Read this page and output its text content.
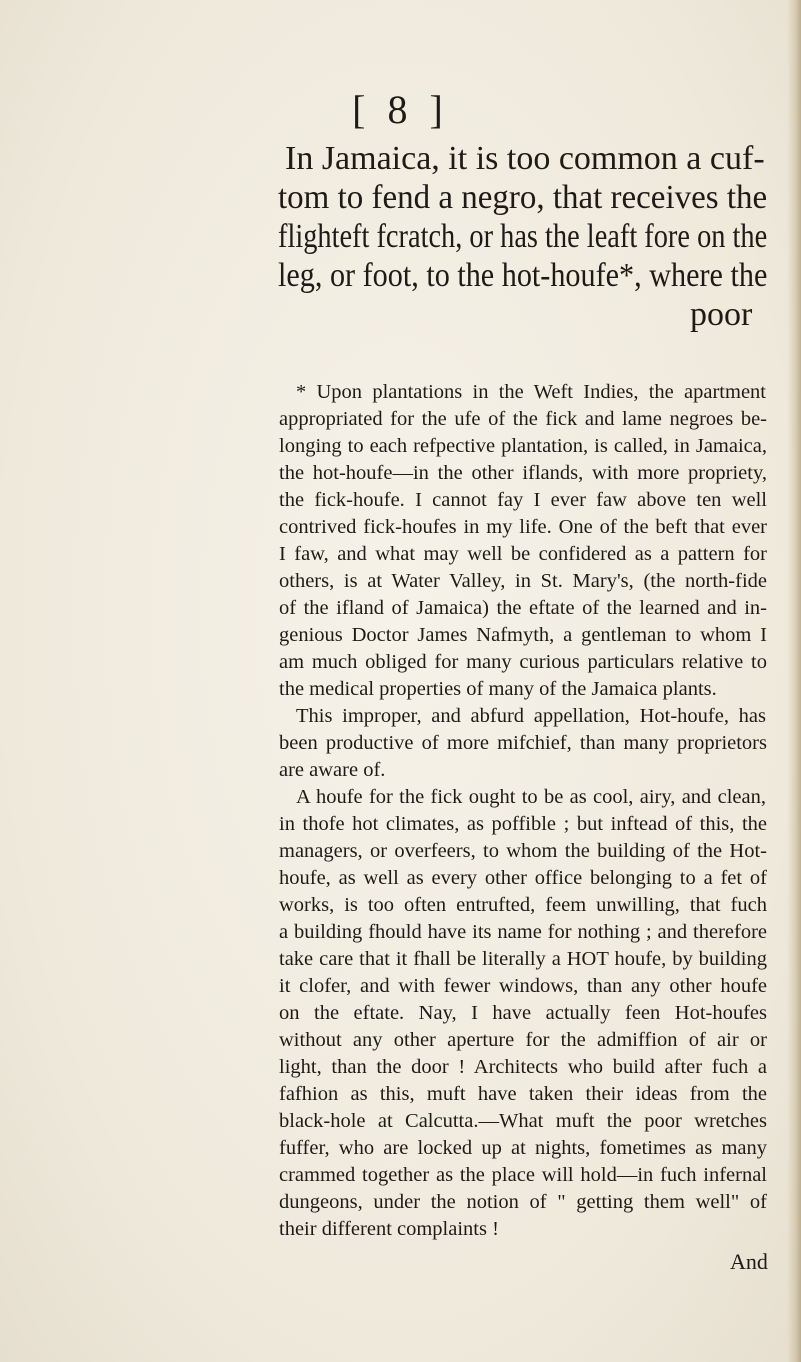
[ 8 ]
In Jamaica, it is too common a cuf-
tom to fend a negro, that receives the
flighteft fcratch, or has the leaft fore on the
leg, or foot, to the hot-houfe*, where the
poor
* Upon plantations in the Weft Indies, the apartment
appropriated for the ufe of the fick and lame negroes be-
longing to each refpective plantation, is called, in Jamaica,
the hot-houfe—in the other iflands, with more propriety,
the fick-houfe. I cannot fay I ever faw above ten well
contrived fick-houfes in my life. One of the beft that ever
I faw, and what may well be confidered as a pattern for
others, is at Water Valley, in St. Mary's, (the north-fide
of the ifland of Jamaica) the eftate of the learned and in-
genious Doctor James Nafmyth, a gentleman to whom I
am much obliged for many curious particulars relative to
the medical properties of many of the Jamaica plants.
This improper, and abfurd appellation, Hot-houfe, has
been productive of more mifchief, than many proprietors
are aware of.
A houfe for the fick ought to be as cool, airy, and clean,
in thofe hot climates, as poffible ; but inftead of this, the
managers, or overfeers, to whom the building of the Hot-
houfe, as well as every other office belonging to a fet of
works, is too often entrufted, feem unwilling, that fuch
a building fhould have its name for nothing ; and therefore
take care that it fhall be literally a HOT houfe, by building
it clofer, and with fewer windows, than any other houfe
on the eftate. Nay, I have actually feen Hot-houfes
without any other aperture for the admiffion of air or
light, than the door ! Architects who build after fuch a
fafhion as this, muft have taken their ideas from the
black-hole at Calcutta.—What muft the poor wretches
fuffer, who are locked up at nights, fometimes as many
crammed together as the place will hold—in fuch infernal
dungeons, under the notion of " getting them well" of
their different complaints !
And
